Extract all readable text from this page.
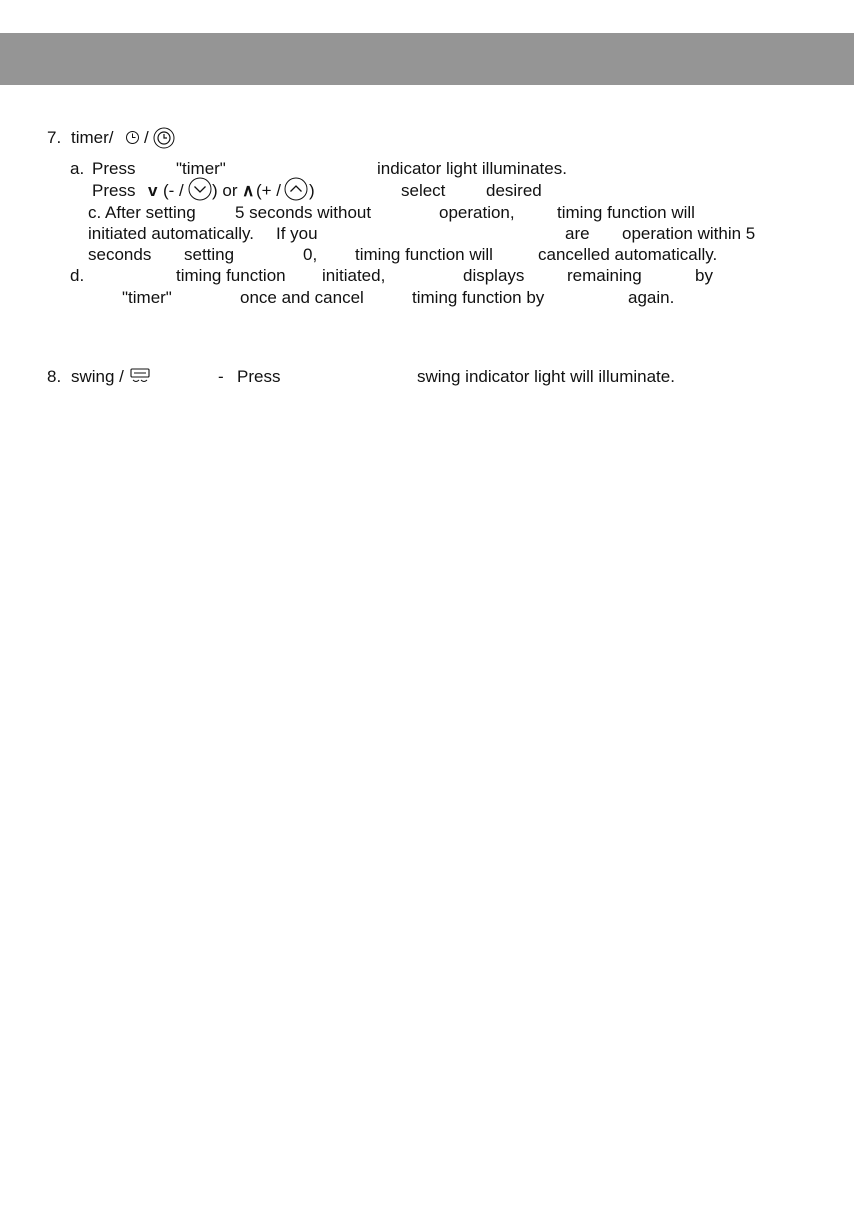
7. timer/ /
a. Press "timer"	indicator light illuminates.
Press v (- / ) or ∧ (+ / )	select desired
c. After setting 5 seconds without	operation, timing function will
initiated automatically. If you	are operation within 5
seconds setting	0, timing function will	cancelled automatically.
d.	timing function initiated,	displays	remaining	by
"timer"	once and cancel	timing function by	again.
8. swing /	- Press	swing indicator light will illuminate.
